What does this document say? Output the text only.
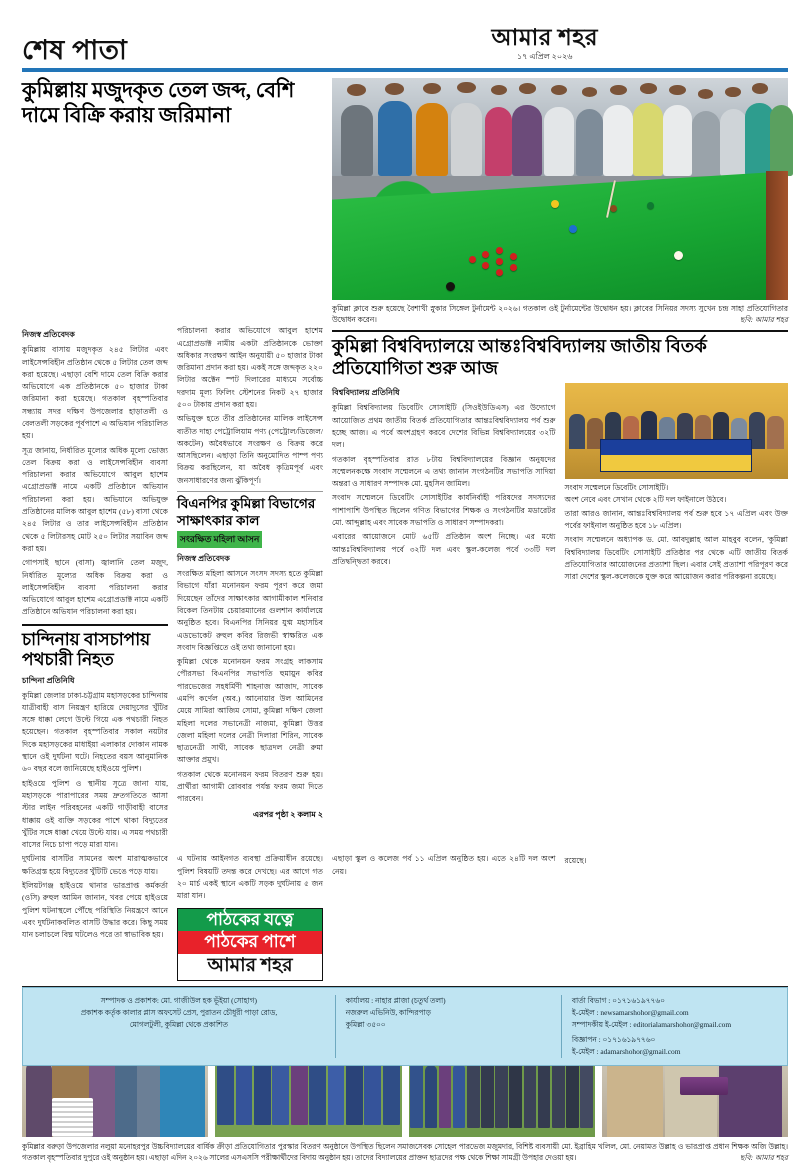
শেষ পাতা	আমার শহর
১৭ এপ্রিল ২০২৬
কুমিল্লায় মজুদকৃত তেল জব্দ, বেশি দামে বিক্রি করায় জরিমানা
কুমিল্লা ক্লাবে শুরু হয়েছে বৈশাখী স্নুকার সিঙ্গেল টুর্নামেন্ট ২০২৬। গতকাল ওই টুর্নামেন্টের উদ্বোধন হয়। ক্লাবের সিনিয়র সদস্য সুখেন চন্দ্র সাহা প্রতিযোগিতার উদ্বোধন করেন।	ছবি: আমার শহর
নিজস্ব প্রতিবেদক

কুমিল্লায় বাসায় মজুদকৃত ২৪৫ লিটার এবং লাইসেন্সবিহীন প্রতিষ্ঠান থেকে ৫ লিটার তেল জব্দ করা হয়েছে। এছাড়া বেশি দামে তেল বিক্রি করার অভিযোগে এক প্রতিষ্ঠানকে ৫০ হাজার টাকা জরিমানা করা হয়েছে। গতকাল বৃহস্পতিবার সন্ধ্যায় সদর দক্ষিণ উপজেলার হাড়াতলী ও বেলতলী সড়কের পূর্বপাশে এ অভিযান পরিচালিত হয়।

সূত্র জানায়, নির্ধারিত মূল্যের অধিক মূল্যে ভোজ্য তেল বিক্রয় করা ও লাইসেন্সবিহীন ব্যবসা পরিচালনা করার অভিযোগে আবুল হাশেম এগ্রোপ্রডাক্ট নামে একটি প্রতিষ্ঠানে অভিযান পরিচালনা করা হয়। অভিযানে অভিযুক্ত প্রতিষ্ঠানের মালিক আবুল হাশেম (৫৮) বাসা থেকে ২৪৫ লিটার ও তার লাইসেন্সবিহীন প্রতিষ্ঠান থেকে ৫ লিটারসহ মোট ২৫০ লিটার সয়াবিন জব্দ করা হয়।

গোপসাই ছানে (বাসা) জ্বালানি তেল মজুদ, নির্ধারিত মূল্যের অধিক বিক্রয় করা ও লাইসেন্সবিহীন ব্যবসা পরিচালনা করার অভিযোগে আবুল হাশেম এগ্রোপ্রডাক্ট নামে একটি প্রতিষ্ঠানে অভিযান পরিচালনা করা হয়।

চান্দিনায় বাসচাপায় পথচারী নিহত
চান্দিনা প্রতিনিধি

কুমিল্লা জেলার ঢাকা-চট্টগ্রাম মহাসড়কের চান্দিনায় যাত্রীবাহী বাস নিয়ন্ত্রণ হারিয়ে দেয়াদুসের খুঁটির সঙ্গে ধাক্কা লেগে উল্টে গিয়ে এক পথচারী নিহত হয়েছেন। গতকাল বৃহস্পতিবার সকাল নয়টার দিকে মহাসড়কের মাধাইয়া এলাকার দোকান নামক স্থানে ওই দুর্ঘটনা ঘটে। নিহতের বয়স আনুমানিক ৬০ বছর বলে জানিয়েছে হাইওয়ে পুলিশ।

হাইওয়ে পুলিশ ও স্থানীয় সূত্রে জানা যায়, মহাসড়কে পারাপারের সময় দ্রুতগতিতে আসা স্টার লাইন পরিবহনের একটি গাড়ীবাহী বাসের ধাক্কায় ওই ব্যক্তি সড়কের পাশে থাকা বিদ্যুতের খুঁটির সঙ্গে ধাক্কা খেয়ে উল্টে যায়। এ সময় পথচারী বাসের নিচে চাপা পড়ে মারা যান।

পরিচালনা করার অভিযোগে আবুল হাশেম এগ্রোপ্রডাক্ট নামীয় একটা প্রতিষ্ঠানকে ভোক্তা অধিকার সংরক্ষণ আইন অনুযায়ী ৫০ হাজার টাকা জরিমানা প্রদান করা হয়। একই সঙ্গে জব্দকৃত ২২০ লিটার অক্টেন স্পট দিলারের মাধ্যমে সর্বোচ্চ দরদাম মূল্য ফিলিং স্টেশনের নিকট ২৭ হাজার ৫০০ টাকায় প্রদান করা হয়।

অভিযুক্ত হতে তীর প্রতিষ্ঠানের মালিক লাইসেন্স ব্যতীত দাহ্য পেট্রোলিয়াম পণ্য (পেট্রোল/ডিজেল/অকটেন) অবৈধভাবে সংরক্ষণ ও বিক্রয় করে আসছিলেন। এছাড়া তিনি অনুমোদিত পাম্প পণ্য বিক্রয় করছিলেন, যা অবৈধ কৃত্রিমপূর্ব এবং জনসাধারণের জন্য ঝুঁকিপূর্ণ।

বিএনপির কুমিল্লা বিভাগের সাক্ষাৎকার কাল
সংরক্ষিত মহিলা আসন
নিজস্ব প্রতিবেদক

সংরক্ষিত মহিলা আসনে সংসদ সদস্য হতে কুমিল্লা বিভাগে যাঁরা মনোনয়ন ফরম পূরণ করে জমা দিয়েছেন তাঁদের সাক্ষাৎকার আগামীকাল শনিবার বিকেল তিনটায় চেয়ারম্যানের গুলশান কার্যালয়ে অনুষ্ঠিত হবে। বিএনপির সিনিয়র যুগ্ম মহাসচিব এডভোকেট রুহুল কবির রিজভী স্বাক্ষরিত এক সংবাদ বিজ্ঞপ্তিতে ওই তথ্য জানানো হয়।

কুমিল্লা থেকে মনোনয়ন ফরম সংগ্রহ লাকসাম পৌরসভা বিএনপির সভাপতি হুমায়ুন কবির পারভেজের সহধর্মিণী শাহনাজ আজাদ, সাবেক এমপি কর্ণেল (অব.) আনোয়ার উল আমিনের মেয়ে সামিরা আজিম সোমা, কুমিল্লা দক্ষিণ জেলা মহিলা দলের সভানেত্রী নাজমা, কুমিল্লা উত্তর জেলা মহিলা দলের নেত্রী দিলারা শিরিন, সাবেক ছাত্রনেত্রী সাথী, সাবেক ছাত্রদল নেত্রী রুমা আক্তার প্রমুখ।

গতকাল থেকে মনোনয়ন ফরম বিতরণ শুরু হয়। প্রার্থীরা আগামী রোববার পর্যন্ত ফরম জমা দিতে পারবেন।

এরপর পৃষ্ঠা ২ কলাম ২
কুমিল্লা বিশ্ববিদ্যালয়ে আন্তঃবিশ্ববিদ্যালয় জাতীয় বিতর্ক প্রতিযোগিতা শুরু আজ
বিশ্ববিদ্যালয় প্রতিনিধি

কুমিল্লা বিশ্ববিদ্যালয় ডিবেটিং সোসাইটি (সিওইউডিএস) এর উদ্যোগে আয়োজিত প্রথম জাতীয় বিতর্ক প্রতিযোগিতার আন্তঃবিশ্ববিদ্যালয় পর্ব শুরু হচ্ছে আজ। এ পর্বে অংশগ্রহণ করবে দেশের বিভিন্ন বিশ্ববিদ্যালয়ের ৩২টি দল।

গতকাল বৃহস্পতিবার রাত ৮টায় বিশ্ববিদ্যালয়ের বিজ্ঞান অনুষদের সম্মেলনকক্ষে সংবাদ সম্মেলনে এ তথ্য জানান সংগঠনটির সভাপতি সাদিয়া অন্তরা ও সাধারণ সম্পাদক মো. মুহসিন জামিল।

সংবাদ সম্মেলনে ডিবেটিং সোসাইটির কার্যনির্বাহী পরিষদের সদস্যদের পাশাপাশি উপস্থিত ছিলেন গণিত বিভাগের শিক্ষক ও সংগঠনটির মডারেটর মো. আব্দুল্লাহ এবং সাবেক সভাপতি ও সাধারণ সম্পাদকরা।

এবারের আয়োজনে মোট ৬৫টি প্রতিষ্ঠান অংশ নিচ্ছে। এর মধ্যে আন্তঃবিশ্ববিদ্যালয় পর্বে ৩২টি দল এবং স্কুল-কলেজ পর্বে ৩৩টি দল প্রতিদ্বন্দ্বিতা করবে।

সংবাদ সম্মেলনে ডিবেটিং সোসাইটি।

অংশ নেবে এবং সেখান থেকে ২টি দল ফাইনালে উঠবে।

তারা আরও জানান, আন্তঃবিশ্ববিদ্যালয় পর্ব শুরু হবে ১৭ এপ্রিল এবং উক্ত পর্বের ফাইনাল অনুষ্ঠিত হবে ১৮ এপ্রিল।

সংবাদ সম্মেলনে অধ্যাপক ড. মো. আবদুল্লাহ আল মাহবুব বলেন, 'কুমিল্লা বিশ্ববিদ্যালয় ডিবেটিং সোসাইটি প্রতিষ্ঠার পর থেকে এটি জাতীয় বিতর্ক প্রতিযোগিতার আয়োজনের প্রত্যাশা ছিল। এবার সেই প্রত্যাশা পরিপূরণ করে সারা দেশের স্কুল-কলেজকে যুক্ত করে আয়োজন করার পরিকল্পনা রয়েছে।

দুর্ঘটনায় বাসটির সামনের অংশ মারাত্মকভাবে ক্ষতিগ্রস্ত হয়ে বিদ্যুতের খুঁটিটি ভেঙে পড়ে যায়।

ইলিয়টগঞ্জ হাইওয়ে থানার ভারপ্রাপ্ত কর্মকর্তা (ওসি) রুহুল আমিন জানান, খবর পেয়ে হাইওয়ে পুলিশ ঘটনাস্থলে পৌঁছে পরিস্থিতি নিয়ন্ত্রণে আনে এবং দুর্ঘটনাকবলিত বাসটি উদ্ধার করে। কিছু সময় যান চলাচলে বিঘ্ন ঘটলেও পরে তা স্বাভাবিক হয়।

এ ঘটনায় আইনগত ব্যবস্থা প্রক্রিয়াধীন রয়েছে। পুলিশ বিষয়টি তদন্ত করে দেখছে। এর আগে গত ২০ মার্চ একই স্থানে একটি সড়ক দুর্ঘটনায় ৫ জন মারা যান।

পাঠকের যত্নে
পাঠকের পাশে
আমার শহর

এছাড়া স্কুল ও কলেজ পর্ব ১১ এপ্রিল অনুষ্ঠিত হয়। এতে ২৪টি দল অংশ নেয়।

রয়েছে।

কুমিল্লার বরুড়া উপজেলার নলুয়া মনোহরপুর উচ্চবিদ্যালয়ের বার্ষিক ক্রীড়া প্রতিযোগিতার পুরস্কার বিতরণ অনুষ্ঠানে উপস্থিত ছিলেন সমাজসেবক সোহেল পারভেজ মজুমদার, বিশিষ্ট ব্যবসায়ী মো. ইব্রাহিম খলিল, মো. নেয়ামত উল্লাহ ও ভারপ্রাপ্ত প্রধান শিক্ষক অজি উল্লাহ। গতকাল বৃহস্পতিবার দুপুরে ওই অনুষ্ঠান হয়। এছাড়া এদিন ২০২৬ সালের এসএসসি পরীক্ষার্থীদের বিদায় অনুষ্ঠান হয়। তাদের বিদ্যালয়ের প্রাক্তন ছাত্রদের পক্ষ থেকে শিক্ষা সামগ্রী উপহার দেওয়া হয়।	ছবি: আমার শহর
সম্পাদক ও প্রকাশক: মো. গাজীউল হক ভূঁইয়া (সোহাগ)
প্রকাশক কর্তৃক কালার প্লাস অফসেট প্রেস, পুরাতন চৌধুরী পাড়া রোড,
মোগলটুলী, কুমিল্লা থেকে প্রকাশিত
কার্যালয় : নাহার প্লাজা (চতুর্থ তলা)
নজরুল এভিনিউ, কান্দিরপাড়
কুমিল্লা ৩৫০০
বার্তা বিভাগ : ০১৭১৬১৯৭৭৬০
ই-মেইল : newsamarshohor@gmail.com
সম্পাদকীয় ই-মেইল : editorialamarshohor@gmail.com
বিজ্ঞাপন : ০১৭১৬১৯৭৭৬০
ই-মেইল : adamarshohor@gmail.com
